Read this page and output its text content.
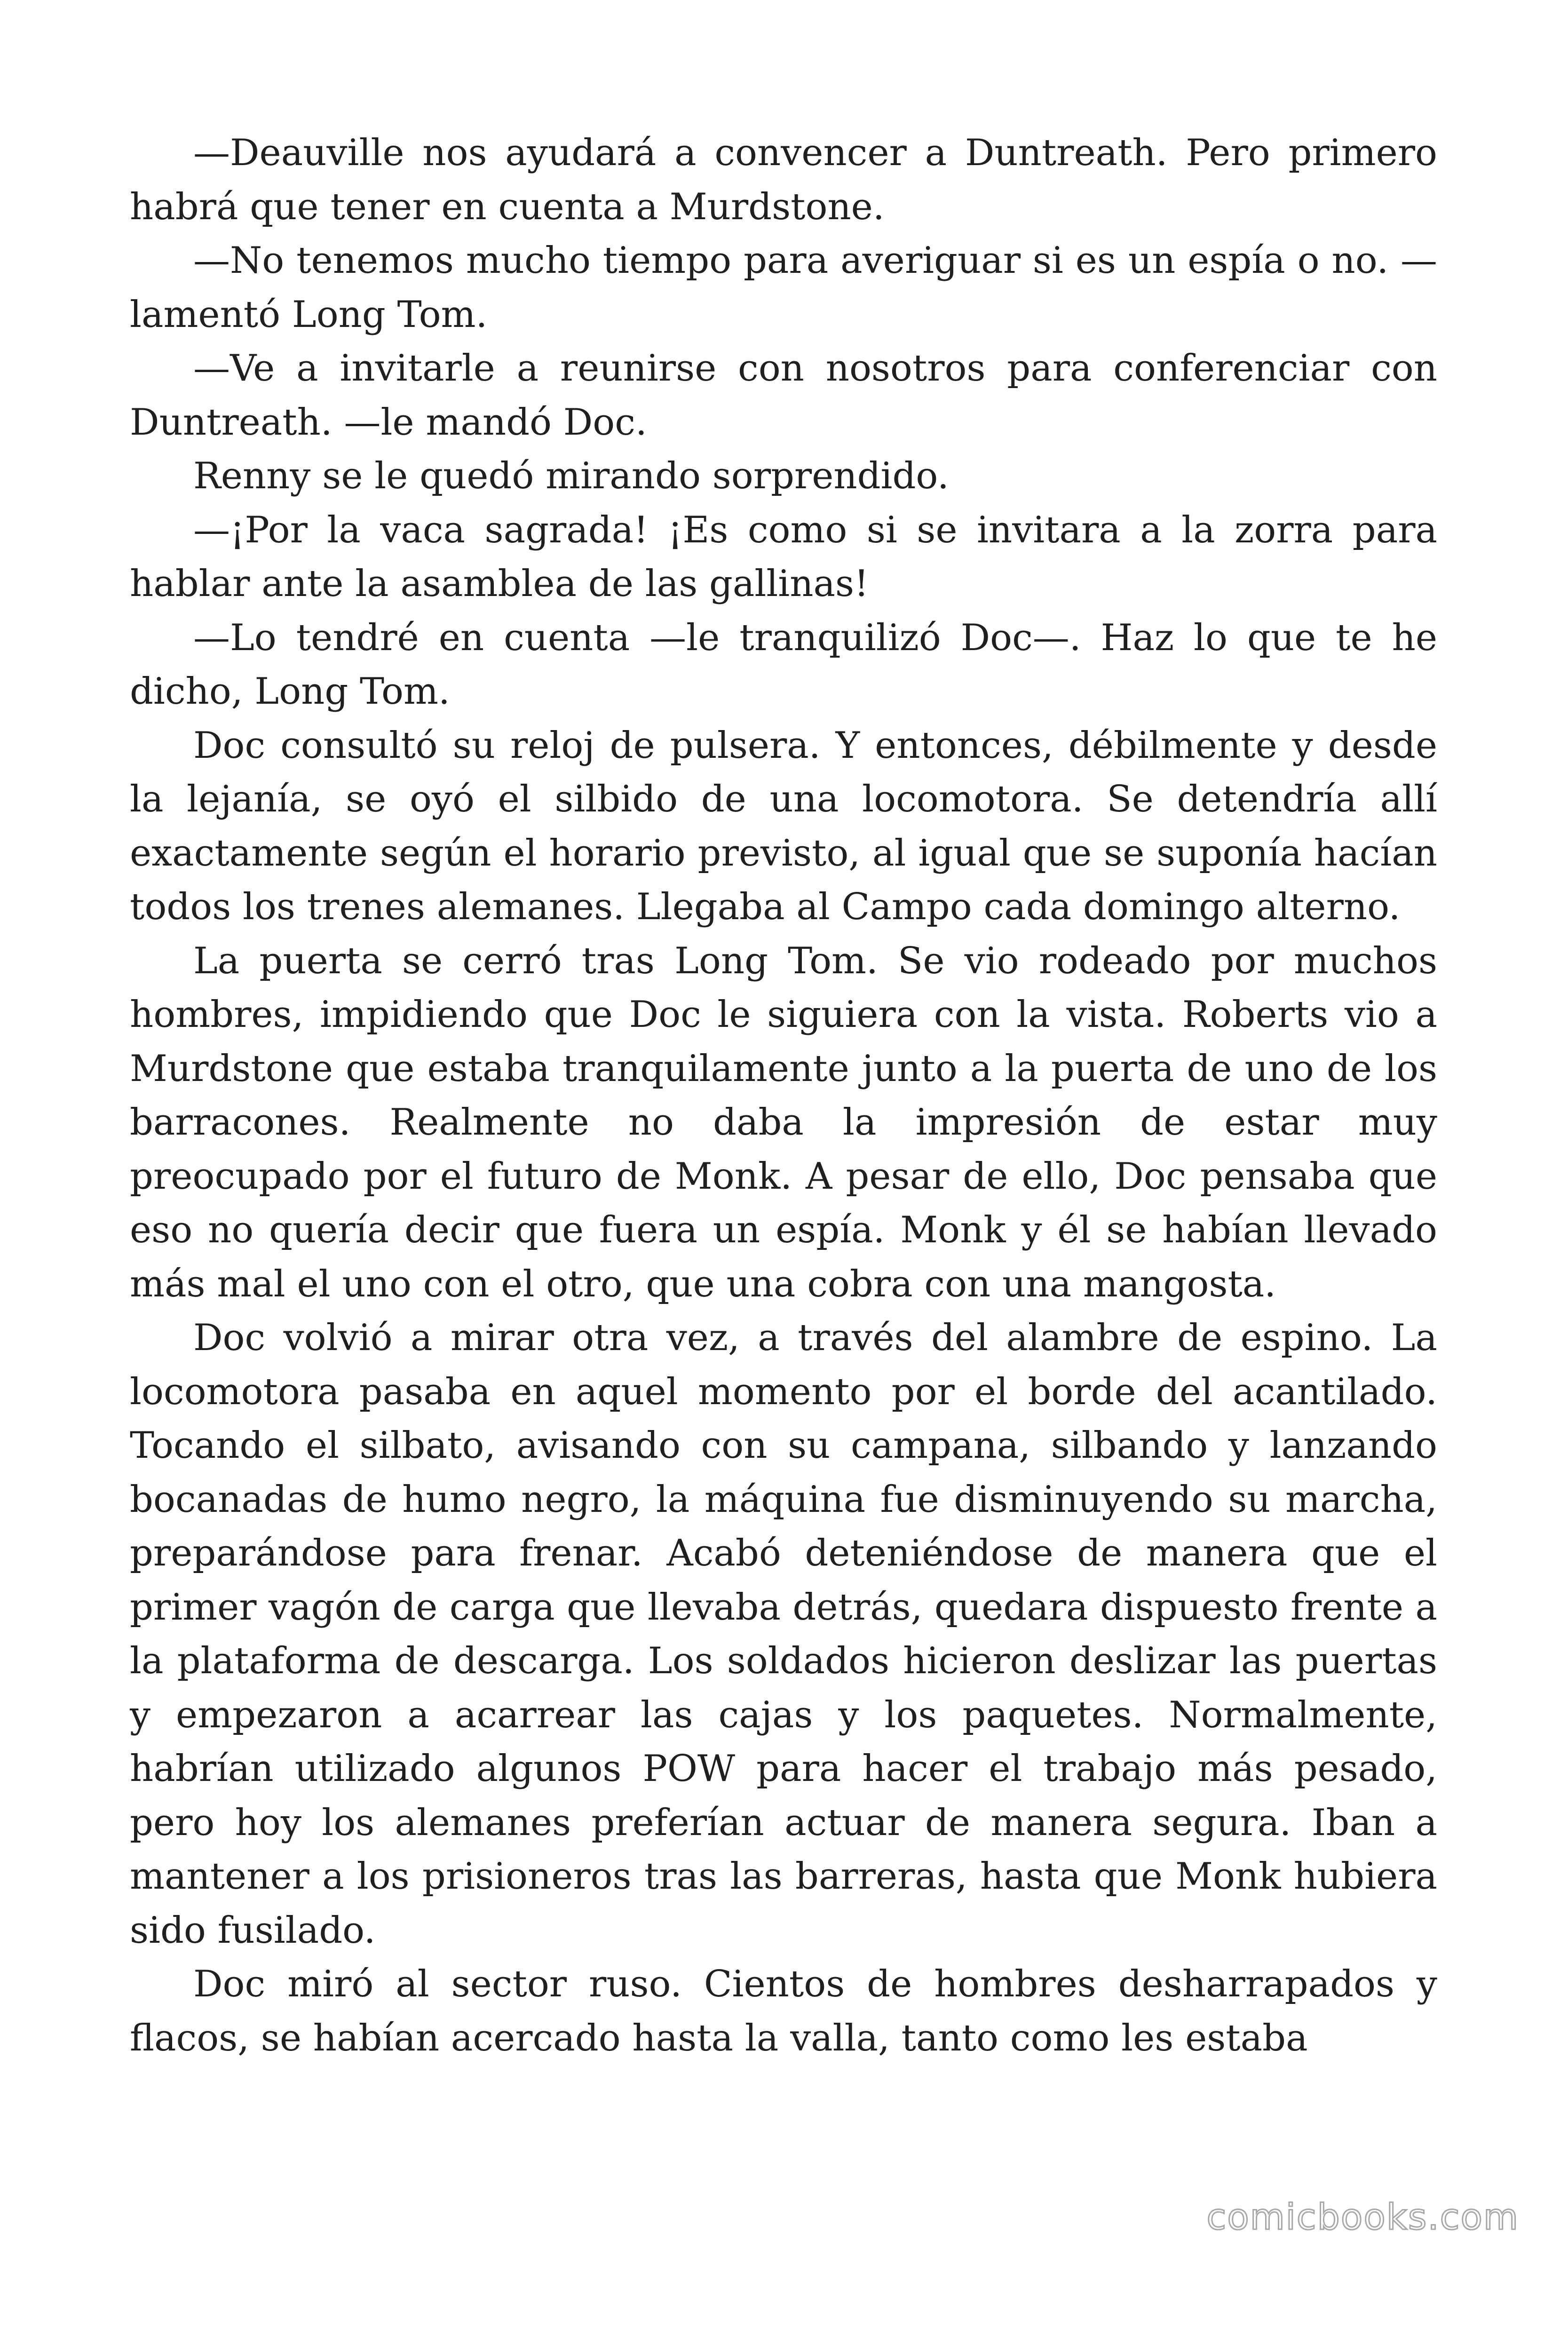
—Deauville nos ayudará a convencer a Duntreath. Pero primero habrá que tener en cuenta a Murdstone.

—No tenemos mucho tiempo para averiguar si es un espía o no. —lamentó Long Tom.

—Ve a invitarle a reunirse con nosotros para conferenciar con Duntreath. —le mandó Doc.

Renny se le quedó mirando sorprendido.

—¡Por la vaca sagrada! ¡Es como si se invitara a la zorra para hablar ante la asamblea de las gallinas!

—Lo tendré en cuenta —le tranquilizó Doc—. Haz lo que te he dicho, Long Tom.

Doc consultó su reloj de pulsera. Y entonces, débilmente y desde la lejanía, se oyó el silbido de una locomotora. Se detendría allí exactamente según el horario previsto, al igual que se suponía hacían todos los trenes alemanes. Llegaba al Campo cada domingo alterno.

La puerta se cerró tras Long Tom. Se vio rodeado por muchos hombres, impidiendo que Doc le siguiera con la vista. Roberts vio a Murdstone que estaba tranquilamente junto a la puerta de uno de los barracones. Realmente no daba la impresión de estar muy preocupado por el futuro de Monk. A pesar de ello, Doc pensaba que eso no quería decir que fuera un espía. Monk y él se habían llevado más mal el uno con el otro, que una cobra con una mangosta.

Doc volvió a mirar otra vez, a través del alambre de espino. La locomotora pasaba en aquel momento por el borde del acantilado. Tocando el silbato, avisando con su campana, silbando y lanzando bocanadas de humo negro, la máquina fue disminuyendo su marcha, preparándose para frenar. Acabó deteniéndose de manera que el primer vagón de carga que llevaba detrás, quedara dispuesto frente a la plataforma de descarga. Los soldados hicieron deslizar las puertas y empezaron a acarrear las cajas y los paquetes. Normalmente, habrían utilizado algunos POW para hacer el trabajo más pesado, pero hoy los alemanes preferían actuar de manera segura. Iban a mantener a los prisioneros tras las barreras, hasta que Monk hubiera sido fusilado.

Doc miró al sector ruso. Cientos de hombres desharrapados y flacos, se habían acercado hasta la valla, tanto como les estaba

comicbooks.com
